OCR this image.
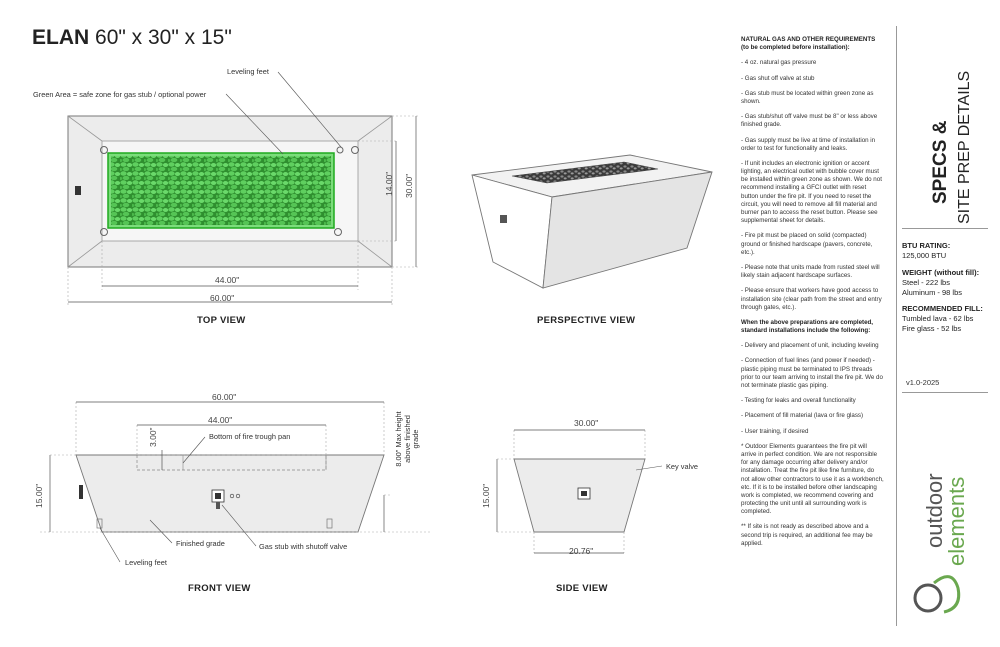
ELAN 60" x 30" x 15"
Leveling feet
Green Area = safe zone for gas stub / optional power
44.00"
60.00"
14.00" 30.00"
TOP VIEW	PERSPECTIVE VIEW
60.00"
44.00"
3.00"	Bottom of fire trough pan
15.00"
8.00" Max height above finished grade
Finished grade	Gas stub with shutoff valve
Leveling feet
FRONT VIEW
30.00"
15.00"
20.76"
Key valve
SIDE VIEW

NATURAL GAS AND OTHER REQUIREMENTS (to be completed before installation):

- 4 oz. natural gas pressure

- Gas shut off valve at stub

- Gas stub must be located within green zone as shown.

- Gas stub/shut off valve must be 8" or less above finished grade.

- Gas supply must be live at time of installation in order to test for functionality and leaks.

- If unit includes an electronic ignition or accent lighting, an electrical outlet with bubble cover must be installed within green zone as shown. We do not recommend installing a GFCI outlet with reset button under the fire pit. If you need to reset the circuit, you will need to remove all fill material and burner pan to access the reset button. Please see supplemental sheet for details.

- Fire pit must be placed on solid (compacted) ground or finished hardscape (pavers, concrete, etc.).

- Please note that units made from rusted steel will likely stain adjacent hardscape surfaces.

- Please ensure that workers have good access to installation site (clear path from the street and entry through gates, etc.).

When the above preparations are completed, standard installations include the following:

- Delivery and placement of unit, including leveling

- Connection of fuel lines (and power if needed) - plastic piping must be terminated to IPS threads prior to our team arriving to install the fire pit. We do not terminate plastic gas piping.

- Testing for leaks and overall functionality

- Placement of fill material (lava or fire glass)

- User training, if desired

* Outdoor Elements guarantees the fire pit will arrive in perfect condition. We are not responsible for any damage occurring after delivery and/or installation. Treat the fire pit like fine furniture, do not allow other contractors to use it as a workbench, etc. If it is to be installed before other landscaping work is completed, we recommend covering and protecting the unit until all surrounding work is completed.

** If site is not ready as described above and a second trip is required, an additional fee may be applied.

SPECS & SITE PREP DETAILS
BTU RATING:
125,000 BTU
WEIGHT (without fill):
Steel - 222 lbs
Aluminum - 98 lbs
RECOMMENDED FILL:
Tumbled lava - 62 lbs
Fire glass - 52 lbs
v1.0-2025
outdoor
elements
